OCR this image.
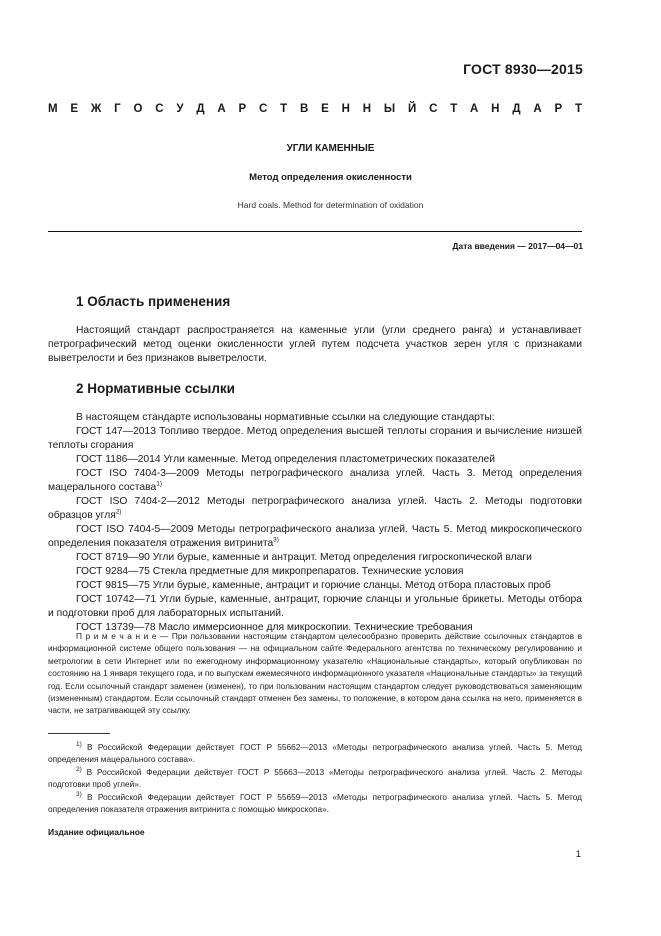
ГОСТ 8930—2015
М Е Ж Г О С У Д А Р С Т В Е Н Н Ы Й С Т А Н Д А Р Т
УГЛИ КАМЕННЫЕ
Метод определения окисленности
Hard coals. Method for determination of oxidation
Дата введения — 2017—04—01
1 Область применения

Настоящий стандарт распространяется на каменные угли (угли среднего ранга) и устанавливает

петрографический метод оценки окисленности углей путем подсчета участков зерен угля с признаками

выветрелости и без признаков выветрелости.

2 Нормативные ссылки

В настоящем стандарте использованы нормативные ссылки на следующие стандарты:

ГОСТ 147—2013 Топливо твердое. Метод определения высшей теплоты сгорания и вычисление низшей теплоты сгорания

ГОСТ 1186—2014 Угли каменные. Метод определения пластометрических показателей

ГОСТ ISO 7404-3—2009 Методы петрографического анализа углей. Часть 3. Метод определения мацерального состава$^{1)}$

ГОСТ ISO 7404-2—2012 Методы петрографического анализа углей. Часть 2. Методы подготовки образцов угля$^{2)}$

ГОСТ ISO 7404-5—2009 Методы петрографического анализа углей. Часть 5. Метод микроскопического определения показателя отражения витринита$^{3)}$

ГОСТ 8719—90 Угли бурые, каменные и антрацит. Метод определения гигроскопической влаги

ГОСТ 9284—75 Стекла предметные для микропрепаратов. Технические условия

ГОСТ 9815—75 Угли бурые, каменные, антрацит и горючие сланцы. Метод отбора пластовых проб

ГОСТ 10742—71 Угли бурые, каменные, антрацит, горючие сланцы и угольные брикеты. Методы отбора и подготовки проб для лабораторных испытаний.

ГОСТ 13739—78 Масло иммерсионное для микроскопии. Технические требования

П р и м е ч а н и е — При пользовании настоящим стандартом целесообразно проверить действие ссылочных стандартов в информационной системе общего пользования — на официальном сайте Федерального агентства по техническому регулированию и метрологии в сети Интернет или по ежегодному информационному указателю «Национальные стандарты», который опубликован по состоянию на 1 января текущего года, и по выпускам ежемесячного информационного указателя «Национальные стандарты» за текущий год. Если ссылочный стандарт заменен (изменен), то при пользовании настоящим стандартом следует руководствоваться заменяющим (измененным) стандартом. Если ссылочный стандарт отменен без замены, то положение, в котором дана ссылка на него, применяется в части, не затрагивающей эту ссылку.

$^{1)}$ В Российской Федерации действует ГОСТ Р 55662—2013 «Методы петрографического анализа углей. Часть 5. Метод определения мацерального состава».

$^{2)}$ В Российской Федерации действует ГОСТ Р 55663—2013 «Методы петрографического анализа углей. Часть 2. Методы подготовки проб углей».

$^{3)}$ В Российской Федерации действует ГОСТ Р 55659—2013 «Методы петрографического анализа углей. Часть 5. Метод определения показателя отражения витринита с помощью микроскопа».

Издание официальное
1
